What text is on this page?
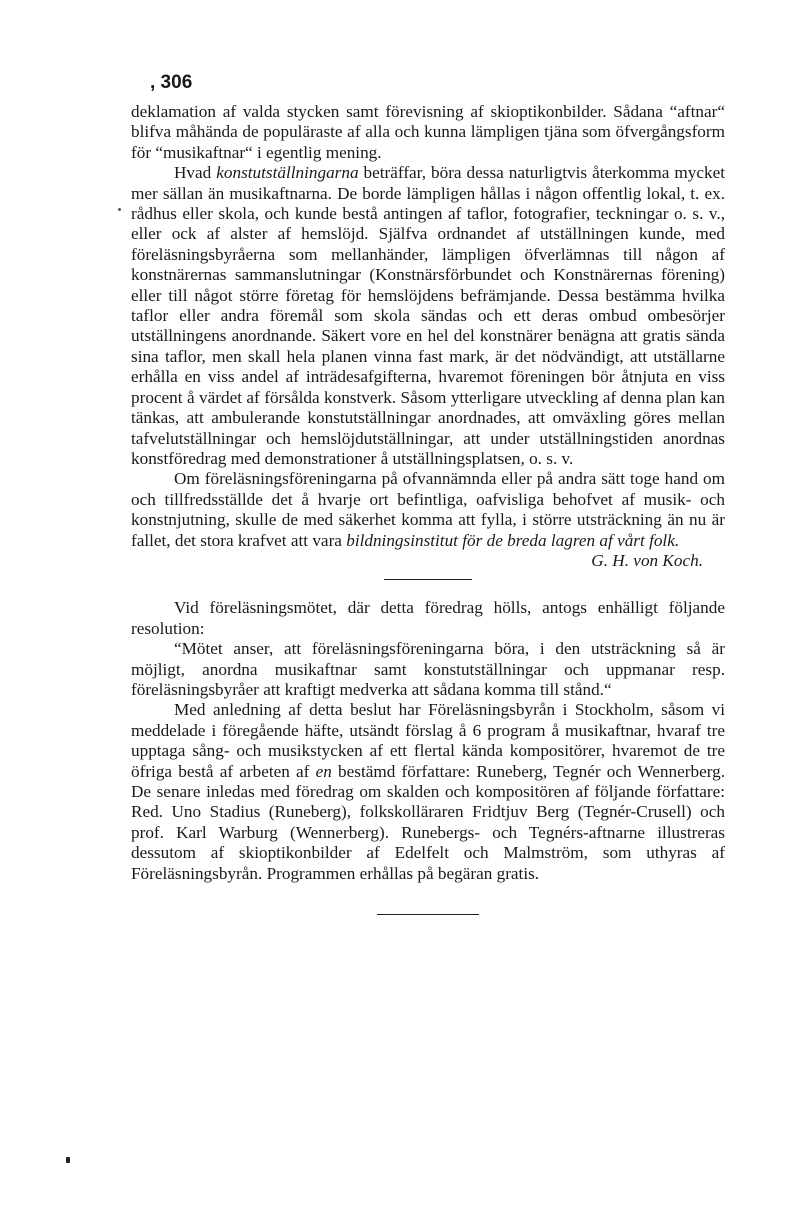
, 306

deklamation af valda stycken samt förevisning af skioptikonbilder. Sådana “aftnar“ blifva måhända de populäraste af alla och kunna lämpligen tjäna som öfvergångsform för “musikaftnar“ i egentlig mening.

Hvad konstutställningarna beträffar, böra dessa naturligtvis återkomma mycket mer sällan än musikaftnarna. De borde lämpligen hållas i någon offentlig lokal, t. ex. rådhus eller skola, och kunde bestå antingen af taflor, fotografier, teckningar o. s. v., eller ock af alster af hemslöjd. Själfva ordnandet af utställningen kunde, med föreläsningsbyråerna som mellanhänder, lämpligen öfverlämnas till någon af konstnärernas sammanslutningar (Konstnärsförbundet och Konstnärernas förening) eller till något större företag för hemslöjdens befrämjande. Dessa bestämma hvilka taflor eller andra föremål som skola sändas och ett deras ombud ombesörjer utställningens anordnande. Säkert vore en hel del konstnärer benägna att gratis sända sina taflor, men skall hela planen vinna fast mark, är det nödvändigt, att utställarne erhålla en viss andel af inträdesafgifterna, hvaremot föreningen bör åtnjuta en viss procent å värdet af försålda konstverk. Såsom ytterligare utveckling af denna plan kan tänkas, att ambulerande konstutställningar anordnades, att omväxling göres mellan tafvelutställningar och hemslöjdutställningar, att under utställningstiden anordnas konstföredrag med demonstrationer å utställningsplatsen, o. s. v.

Om föreläsningsföreningarna på ofvannämnda eller på andra sätt toge hand om och tillfredsställde det å hvarje ort befintliga, oafvisliga behofvet af musik- och konstnjutning, skulle de med säkerhet komma att fylla, i större utsträckning än nu är fallet, det stora krafvet att vara bildningsinstitut för de breda lagren af vårt folk.

G. H. von Koch.

Vid föreläsningsmötet, där detta föredrag hölls, antogs enhälligt följande resolution:

“Mötet anser, att föreläsningsföreningarna böra, i den utsträckning så är möjligt, anordna musikaftnar samt konstutställningar och uppmanar resp. föreläsningsbyråer att kraftigt medverka att sådana komma till stånd.“

Med anledning af detta beslut har Föreläsningsbyrån i Stockholm, såsom vi meddelade i föregående häfte, utsändt förslag å 6 program å musikaftnar, hvaraf tre upptaga sång- och musikstycken af ett flertal kända kompositörer, hvaremot de tre öfriga bestå af arbeten af en bestämd författare: Runeberg, Tegnér och Wennerberg. De senare inledas med föredrag om skalden och kompositören af följande författare: Red. Uno Stadius (Runeberg), folkskolläraren Fridtjuv Berg (Tegnér-Crusell) och prof. Karl Warburg (Wennerberg). Runebergs- och Tegnérs-aftnarne illustreras dessutom af skioptikonbilder af Edelfelt och Malmström, som uthyras af Föreläsningsbyrån. Programmen erhållas på begäran gratis.
